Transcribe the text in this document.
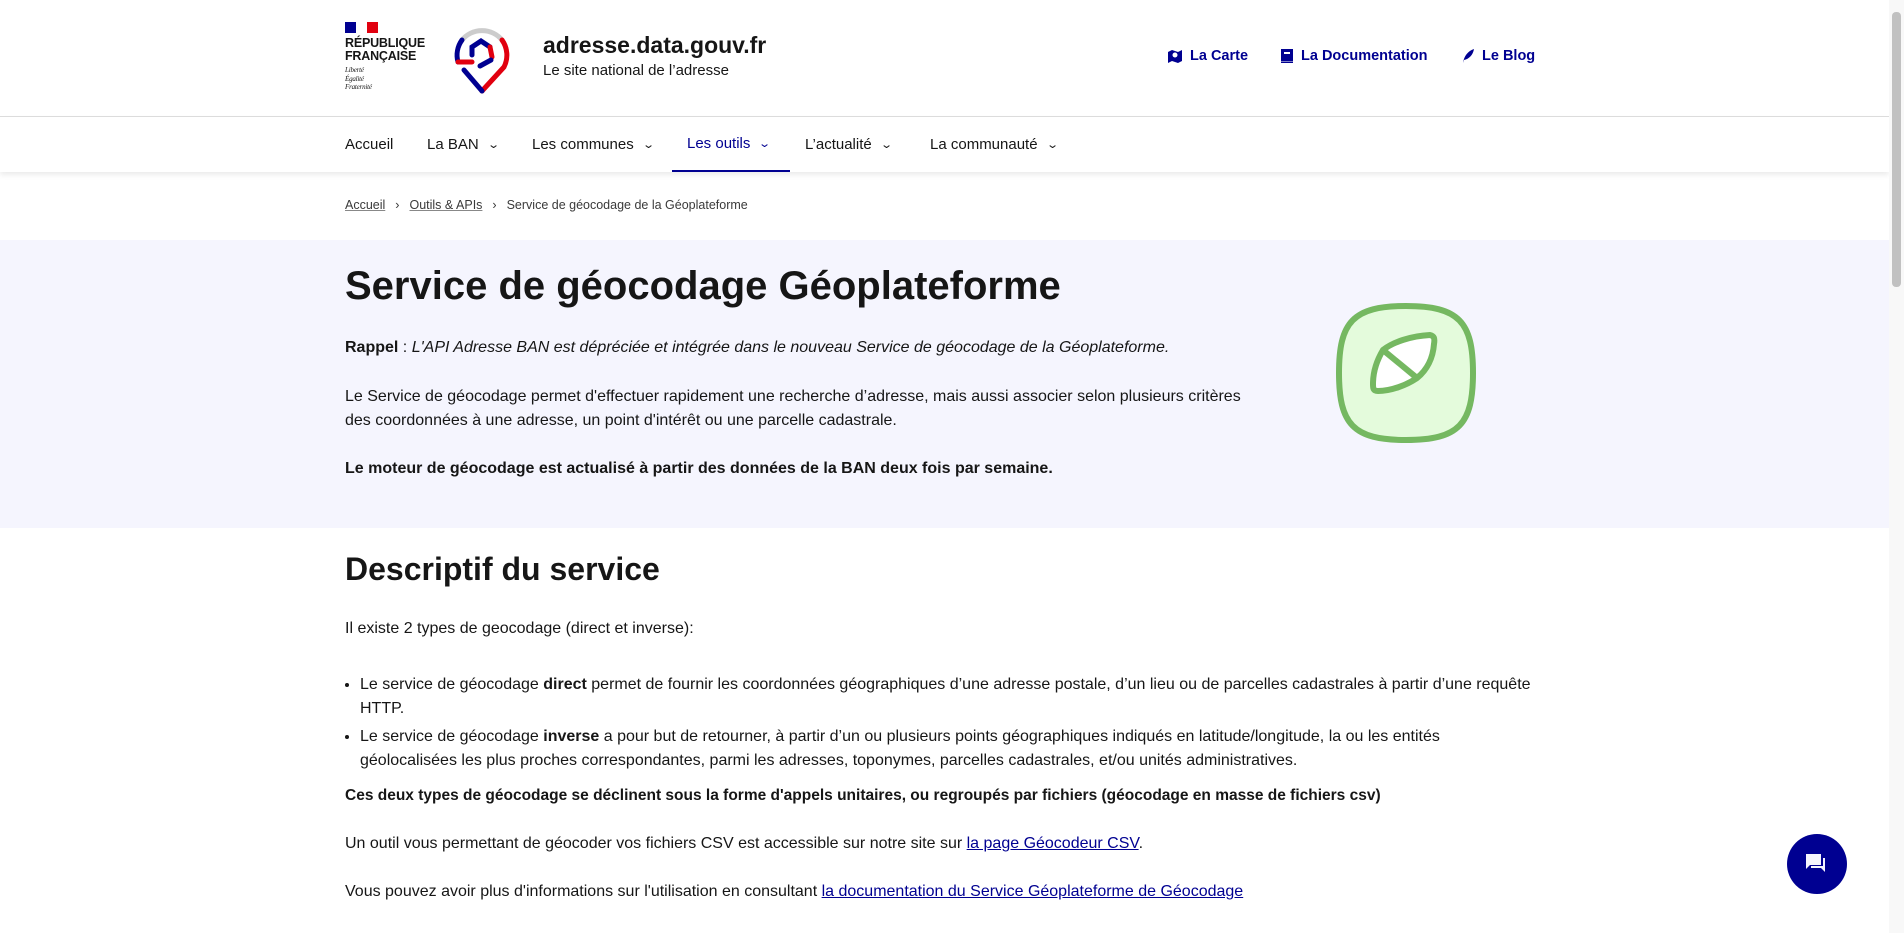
RÉPUBLIQUE
FRANÇAISE
Liberté
Égalité
Fraternité
adresse.data.gouv.fr
Le site national de l’adresse
La Carte	La Documentation	Le Blog
Accueil La BAN ⌄ Les communes ⌄ Les outils ⌄ L’actualité ⌄ La communauté ⌄
Accueil › Outils & APIs › Service de géocodage de la Géoplateforme
Service de géocodage Géoplateforme

Rappel : L'API Adresse BAN est dépréciée et intégrée dans le nouveau Service de géocodage de la Géoplateforme.

Le Service de géocodage permet d'effectuer rapidement une recherche d’adresse, mais aussi associer selon plusieurs critères des coordonnées à une adresse, un point d'intérêt ou une parcelle cadastrale.

Le moteur de géocodage est actualisé à partir des données de la BAN deux fois par semaine.

Descriptif du service

Il existe 2 types de geocodage (direct et inverse):

• Le service de géocodage direct permet de fournir les coordonnées géographiques d’une adresse postale, d’un lieu ou de parcelles cadastrales à partir d’une requête HTTP.
• Le service de géocodage inverse a pour but de retourner, à partir d’un ou plusieurs points géographiques indiqués en latitude/longitude, la ou les entités géolocalisées les plus proches correspondantes, parmi les adresses, toponymes, parcelles cadastrales, et/ou unités administratives.

Ces deux types de géocodage se déclinent sous la forme d'appels unitaires, ou regroupés par fichiers (géocodage en masse de fichiers csv)

Un outil vous permettant de géocoder vos fichiers CSV est accessible sur notre site sur la page Géocodeur CSV.

Vous pouvez avoir plus d'informations sur l'utilisation en consultant la documentation du Service Géoplateforme de Géocodage
